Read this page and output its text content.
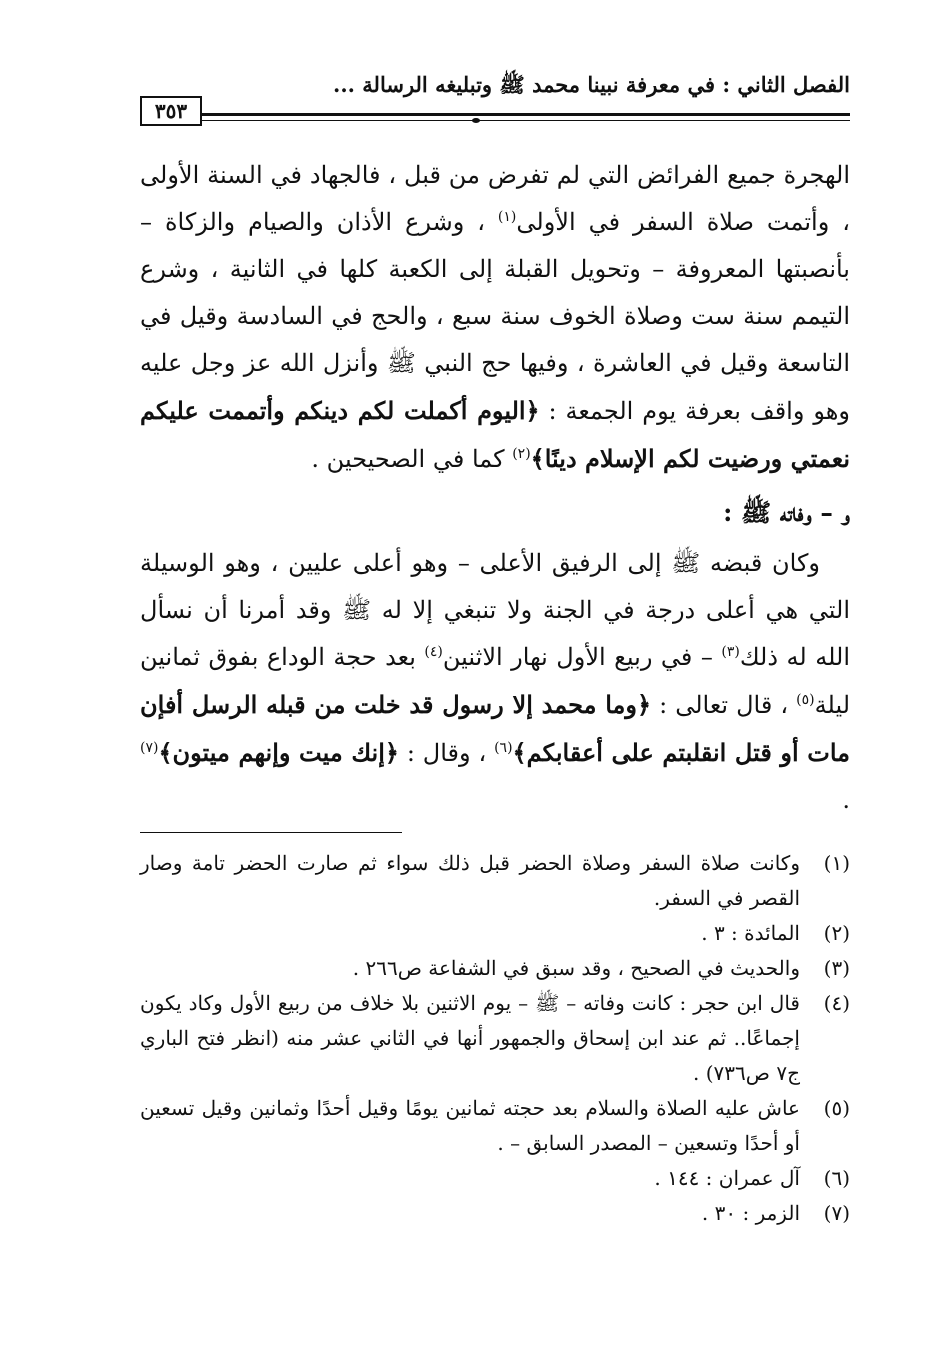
الفصل الثاني : في معرفة نبينا محمد ﷺ وتبليغه الرسالة ...
٣٥٣

الهجرة جميع الفرائض التي لم تفرض من قبل ، فالجهاد في السنة الأولى ، وأتمت صلاة السفر في الأولى$^{(١)}$ ، وشرع الأذان والصيام والزكاة – بأنصبتها المعروفة – وتحويل القبلة إلى الكعبة كلها في الثانية ، وشرع التيمم سنة ست وصلاة الخوف سنة سبع ، والحج في السادسة وقيل في التاسعة وقيل في العاشرة ، وفيها حج النبي ﷺ وأنزل الله عز وجل عليه وهو واقف بعرفة يوم الجمعة : ﴿اليوم أكملت لكم دينكم وأتممت عليكم نعمتي ورضيت لكم الإسلام دينًا﴾$^{(٢)}$ كما في الصحيحين .

و – وفاته ﷺ :

وكان قبضه ﷺ إلى الرفيق الأعلى – وهو أعلى عليين ، وهو الوسيلة التي هي أعلى درجة في الجنة ولا تنبغي إلا له ﷺ وقد أمرنا أن نسأل الله له ذلك$^{(٣)}$ – في ربيع الأول نهار الاثنين$^{(٤)}$ بعد حجة الوداع بفوق ثمانين ليلة$^{(٥)}$ ، قال تعالى : ﴿وما محمد إلا رسول قد خلت من قبله الرسل أفإن مات أو قتل انقلبتم على أعقابكم﴾$^{(٦)}$ ، وقال : ﴿إنك ميت وإنهم ميتون﴾$^{(٧)}$ .

(١)
وكانت صلاة السفر وصلاة الحضر قبل ذلك سواء ثم صارت الحضر تامة وصار القصر في السفر.
(٢)
المائدة : ٣ .
(٣)
والحديث في الصحيح ، وقد سبق في الشفاعة ص٢٦٦ .
(٤)
قال ابن حجر : كانت وفاته – ﷺ – يوم الاثنين بلا خلاف من ربيع الأول وكاد يكون إجماعًا.. ثم عند ابن إسحاق والجمهور أنها في الثاني عشر منه (انظر فتح الباري ج٧ ص٧٣٦) .
(٥)
عاش عليه الصلاة والسلام بعد حجته ثمانين يومًا وقيل أحدًا وثمانين وقيل تسعين أو أحدًا وتسعين – المصدر السابق – .
(٦)
آل عمران : ١٤٤ .
(٧)
الزمر : ٣٠ .
